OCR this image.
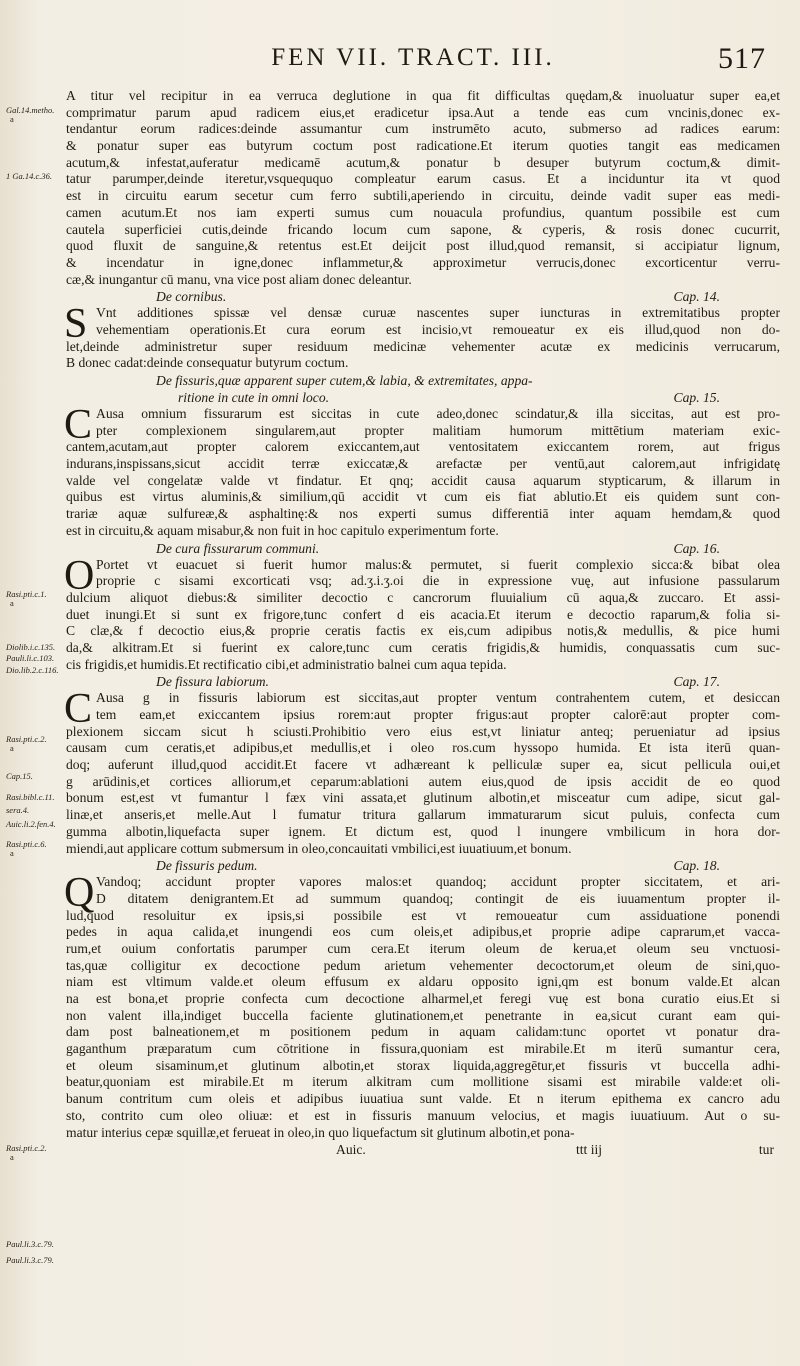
FEN VII. TRACT. III.	517
Gal.14.metho.
a
1 Ga.14.c.36.
Rasi.pti.c.1.
a
Diolib.i.c.135.
Pauli.li.c.103.
Dio.lib.2.c.116.
Rasi.pti.c.2.
a
Cap.15.
Rasi.bibl.c.11.
sera.4.
Auic.li.2.fen.4.
Rasi.pti.c.6.
a
Rasi.pti.c.2.
a
Paul.li.3.c.79.
Paul.li.3.c.79.
A titur vel recipitur in ea verruca deglutione in qua fit difficultas quędam,& inuoluatur super ea,et
comprimatur parum apud radicem eius,et eradicetur ipsa.Aut a tende eas cum vncinis,donec ex-
tendantur eorum radices:deinde assumantur cum instrumēto acuto, submerso ad radices earum:
& ponatur super eas butyrum coctum post radicatione.Et iterum quoties tangit eas medicamen
acutum,& infestat,auferatur medicamē acutum,& ponatur b desuper butyrum coctum,& dimit-
tatur parumper,deinde iteretur,vsqueququo compleatur earum casus. Et a inciduntur ita vt quod
est in circuitu earum secetur cum ferro subtili,aperiendo in circuitu, deinde vadit super eas medi-
camen acutum.Et nos iam experti sumus cum nouacula profundius, quantum possibile est cum
cautela superficiei cutis,deinde fricando locum cum sapone, & cyperis, & rosis donec cucurrit,
quod fluxit de sanguine,& retentus est.Et deijcit post illud,quod remansit, si accipiatur lignum,
& incendatur in igne,donec inflammetur,& approximetur verrucis,donec excorticentur verru-
cæ,& inungantur cū manu, vna vice post aliam donec deleantur.
De cornibus.	Cap. 14.
Vnt additiones spissæ vel densæ curuæ nascentes super iuncturas in extremitatibus propter
S vehementiam operationis.Et cura eorum est incisio,vt remoueatur ex eis illud,quod non do-
let,deinde administretur super residuum medicinæ vehementer acutæ ex medicinis verrucarum,
B donec cadat:deinde consequatur butyrum coctum.
De fissuris,quæ apparent super cutem,& labia, & extremitates, appa-
ritione in cute in omni loco.	Cap. 15.
Ausa omnium fissurarum est siccitas in cute adeo,donec scindatur,& illa siccitas, aut est pro-
C pter complexionem singularem,aut propter malitiam humorum mittētium materiam exic-
cantem,acutam,aut propter calorem exiccantem,aut ventositatem exiccantem rorem, aut frigus
indurans,inspissans,sicut accidit terræ exiccatæ,& arefactæ per ventū,aut calorem,aut infrigidatę
valde vel congelatæ valde vt findatur. Et qnq; accidit causa aquarum stypticarum, & illarum in
quibus est virtus aluminis,& similium,qū accidit vt cum eis fiat ablutio.Et eis quidem sunt con-
trariæ aquæ sulfureæ,& asphaltinę:& nos experti sumus differentiā inter aquam hemdam,& quod
est in circuitu,& aquam misabur,& non fuit in hoc capitulo experimentum forte.
De cura fissurarum communi.	Cap. 16.
Portet vt euacuet si fuerit humor malus:& permutet, si fuerit complexio sicca:& bibat olea
O proprie c sisami excorticati vsq; ad.ʒ.i.ʒ.oi die in expressione vuę, aut infusione passularum
dulcium aliquot diebus:& similiter decoctio c cancrorum fluuialium cū aqua,& zuccaro. Et assi-
duet inungi.Et si sunt ex frigore,tunc confert d eis acacia.Et iterum e decoctio raparum,& folia si-
C clæ,& f decoctio eius,& proprie ceratis factis ex eis,cum adipibus notis,& medullis, & pice humi
da,& alkitram.Et si fuerint ex calore,tunc cum ceratis frigidis,& humidis, conquassatis cum suc-
cis frigidis,et humidis.Et rectificatio cibi,et administratio balnei cum aqua tepida.
De fissura labiorum.	Cap. 17.
Ausa g in fissuris labiorum est siccitas,aut propter ventum contrahentem cutem, et desiccan
C tem eam,et exiccantem ipsius rorem:aut propter frigus:aut propter calorē:aut propter com-
plexionem siccam sicut h sciusti.Prohibitio vero eius est,vt liniatur anteq; perueniatur ad ipsius
causam cum ceratis,et adipibus,et medullis,et i oleo ros.cum hyssopo humida. Et ista iterū quan-
doq; auferunt illud,quod accidit.Et facere vt adhæreant k pelliculæ super ea, sicut pellicula oui,et
g arūdinis,et cortices alliorum,et ceparum:ablationi autem eius,quod de ipsis accidit de eo quod
bonum est,est vt fumantur l fæx vini assata,et glutinum albotin,et misceatur cum adipe, sicut gal-
linæ,et anseris,et melle.Aut l fumatur tritura gallarum immaturarum sicut puluis, confecta cum
gumma albotin,liquefacta super ignem. Et dictum est, quod l inungere vmbilicum in hora dor-
miendi,aut applicare cottum submersum in oleo,concauitati vmbilici,est iuuatiuum,et bonum.
De fissuris pedum.	Cap. 18.
Vandoq; accidunt propter vapores malos:et quandoq; accidunt propter siccitatem, et ari-
Q D ditatem denigrantem.Et ad summum quandoq; contingit de eis iuuamentum propter il-
lud,quod resoluitur ex ipsis,si possibile est vt remoueatur cum assiduatione ponendi
pedes in aqua calida,et inungendi eos cum oleis,et adipibus,et proprie adipe caprarum,et vacca-
rum,et ouium confortatis parumper cum cera.Et iterum oleum de kerua,et oleum seu vnctuosi-
tas,quæ colligitur ex decoctione pedum arietum vehementer decoctorum,et oleum de sini,quo-
niam est vltimum valde.et oleum effusum ex aldaru opposito igni,qm est bonum valde.Et alcan
na est bona,et proprie confecta cum decoctione alharmel,et feregi vuę est bona curatio eius.Et si
non valent illa,indiget buccella faciente glutinationem,et penetrante in ea,sicut curant eam qui-
dam post balneationem,et m positionem pedum in aquam calidam:tunc oportet vt ponatur dra-
gaganthum præparatum cum cōtritione in fissura,quoniam est mirabile.Et m iterū sumantur cera,
et oleum sisaminum,et glutinum albotin,et storax liquida,aggregētur,et fissuris vt buccella adhi-
beatur,quoniam est mirabile.Et m iterum alkitram cum mollitione sisami est mirabile valde:et oli-
banum contritum cum oleis et adipibus iuuatiua sunt valde. Et n iterum epithema ex cancro adu
sto, contrito cum oleo oliuæ: et est in fissuris manuum velocius, et magis iuuatiuum. Aut o su-
matur interius cepæ squillæ,et ferueat in oleo,in quo liquefactum sit glutinum albotin,et pona-
Auic.	ttt iij	tur
